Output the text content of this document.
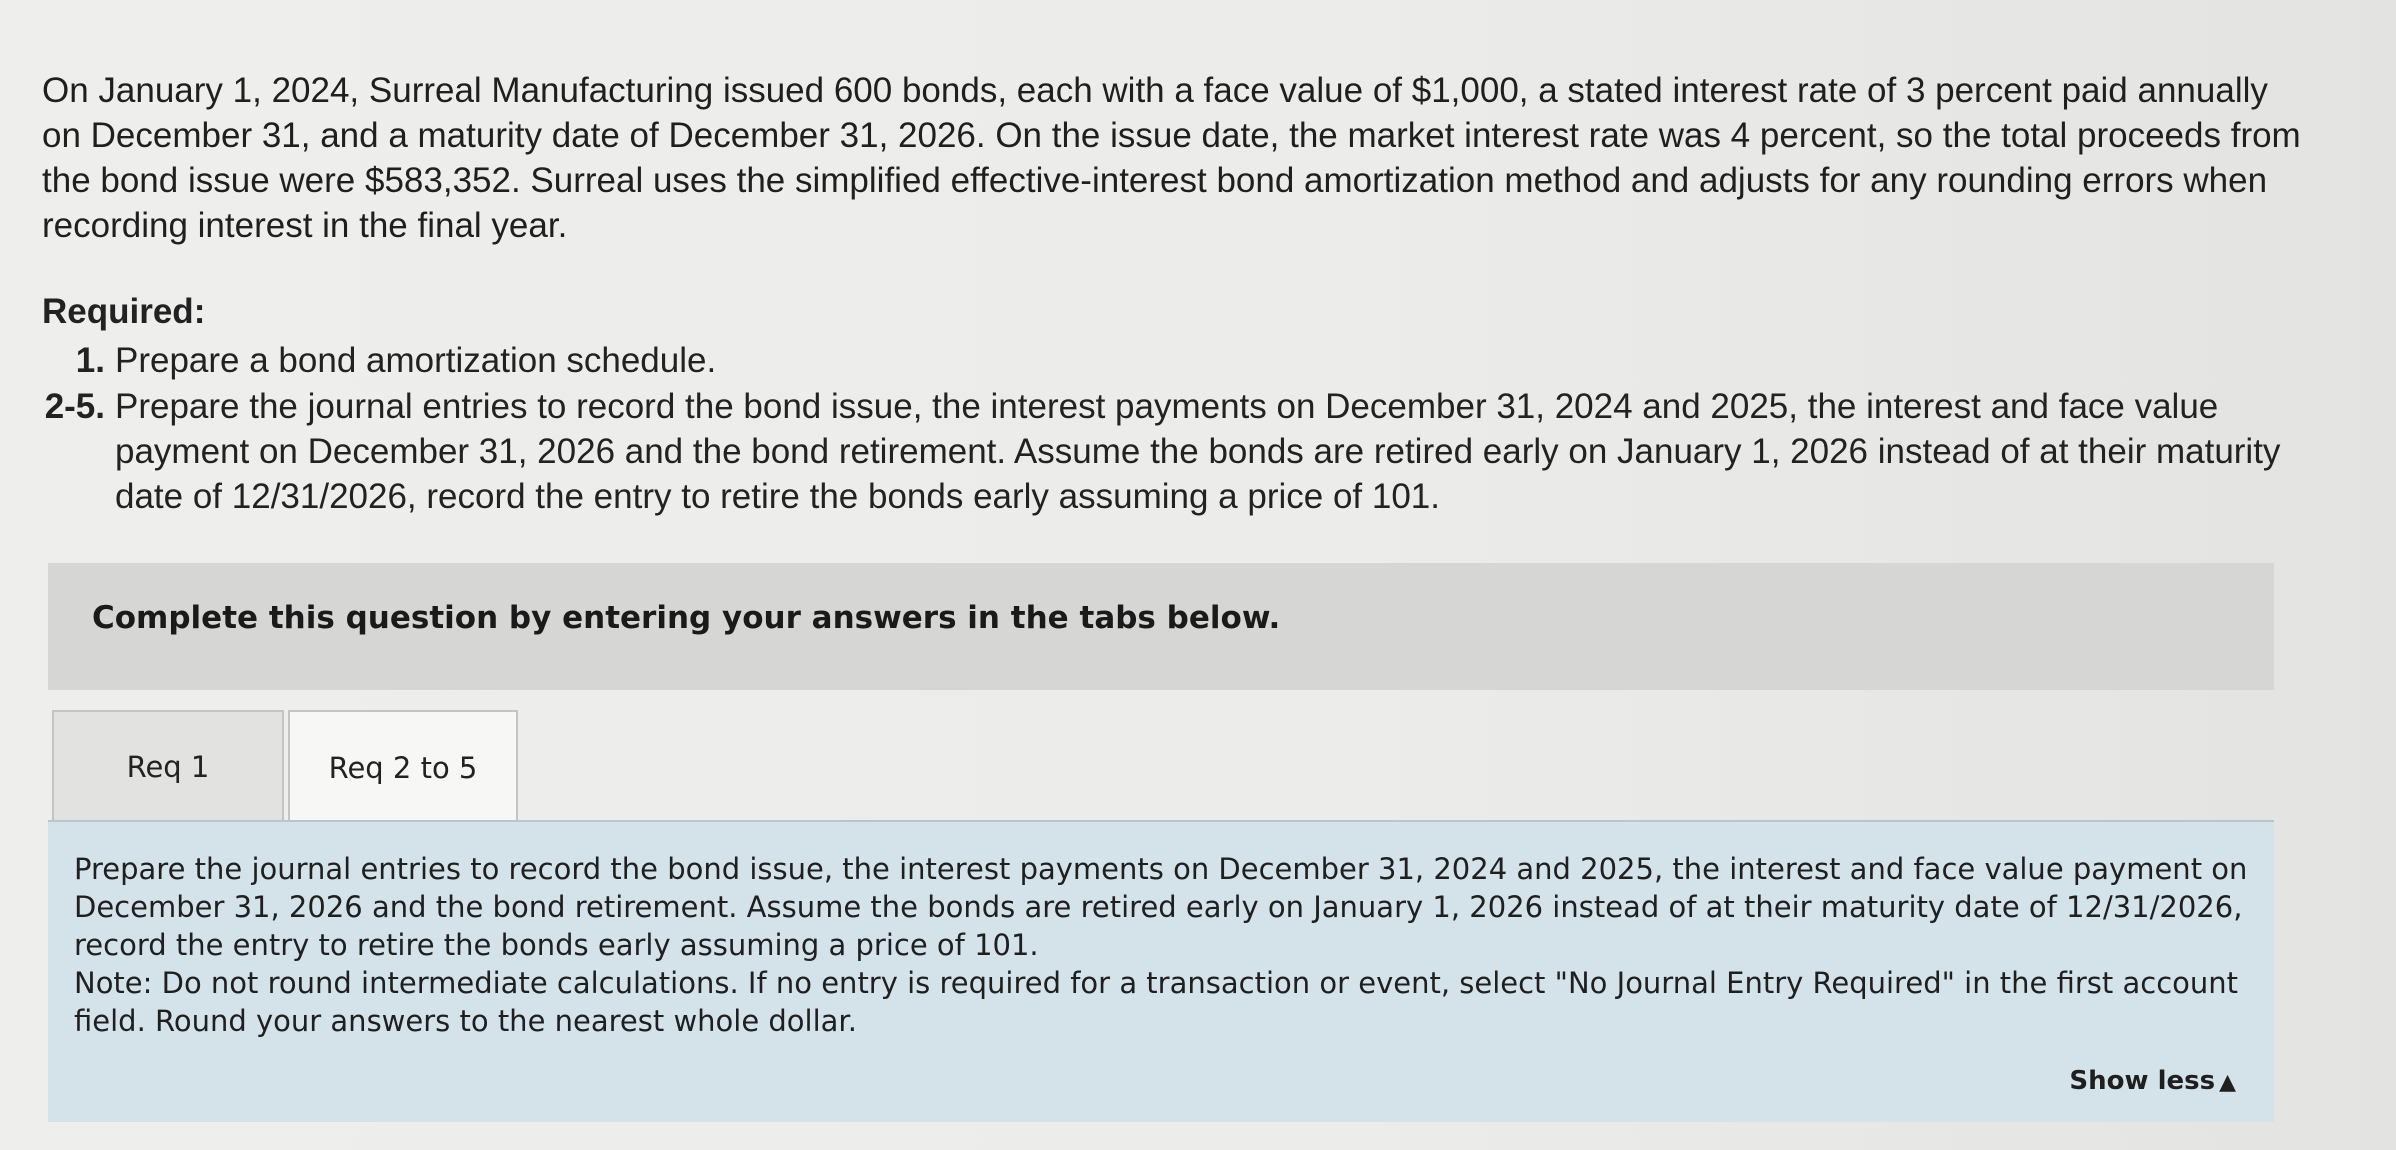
On January 1, 2024, Surreal Manufacturing issued 600 bonds, each with a face value of $1,000, a stated interest rate of 3 percent paid annually on December 31, and a maturity date of December 31, 2026. On the issue date, the market interest rate was 4 percent, so the total proceeds from the bond issue were $583,352. Surreal uses the simplified effective-interest bond amortization method and adjusts for any rounding errors when recording interest in the final year.

Required:

1. Prepare a bond amortization schedule.

2-5. Prepare the journal entries to record the bond issue, the interest payments on December 31, 2024 and 2025, the interest and face value payment on December 31, 2026 and the bond retirement. Assume the bonds are retired early on January 1, 2026 instead of at their maturity date of 12/31/2026, record the entry to retire the bonds early assuming a price of 101.

Complete this question by entering your answers in the tabs below.
Req 1	Req 2 to 5
Prepare the journal entries to record the bond issue, the interest payments on December 31, 2024 and 2025, the interest and face value payment on December 31, 2026 and the bond retirement. Assume the bonds are retired early on January 1, 2026 instead of at their maturity date of 12/31/2026, record the entry to retire the bonds early assuming a price of 101.
Note: Do not round intermediate calculations. If no entry is required for a transaction or event, select "No Journal Entry Required" in the first account field. Round your answers to the nearest whole dollar.
Show less ▲
